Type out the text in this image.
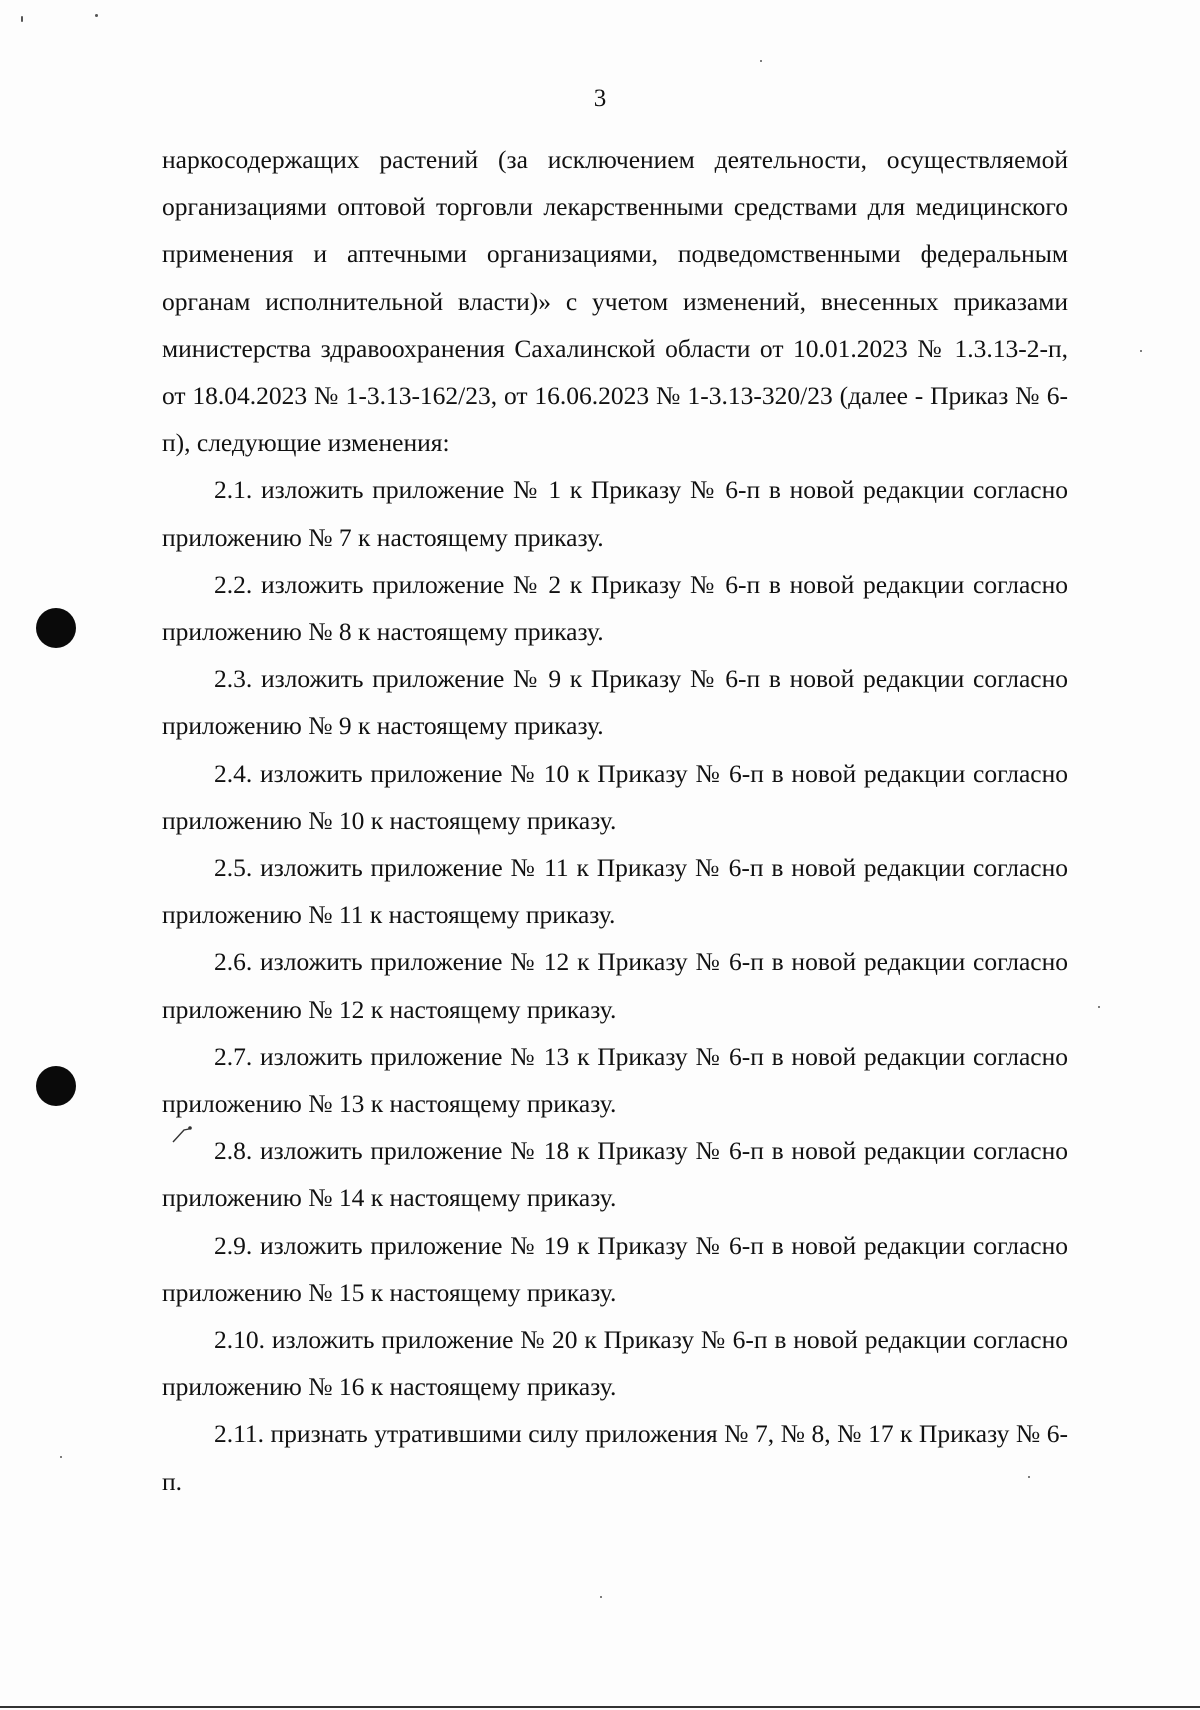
3

наркосодержащих растений (за исключением деятельности, осуществляемой организациями оптовой торговли лекарственными средствами для медицинского применения и аптечными организациями, подведомственными федеральным органам исполнительной власти)» с учетом изменений, внесенных приказами министерства здравоохранения Сахалинской области от 10.01.2023 № 1.3.13-2-п, от 18.04.2023 № 1-3.13-162/23, от 16.06.2023 № 1-3.13-320/23 (далее - Приказ № 6-п), следующие изменения:

2.1. изложить приложение № 1 к Приказу № 6-п в новой редакции согласно приложению № 7 к настоящему приказу.

2.2. изложить приложение № 2 к Приказу № 6-п в новой редакции согласно приложению № 8 к настоящему приказу.

2.3. изложить приложение № 9 к Приказу № 6-п в новой редакции согласно приложению № 9 к настоящему приказу.

2.4. изложить приложение № 10 к Приказу № 6-п в новой редакции согласно приложению № 10 к настоящему приказу.

2.5. изложить приложение № 11 к Приказу № 6-п в новой редакции согласно приложению № 11 к настоящему приказу.

2.6. изложить приложение № 12 к Приказу № 6-п в новой редакции согласно приложению № 12 к настоящему приказу.

2.7. изложить приложение № 13 к Приказу № 6-п в новой редакции согласно приложению № 13 к настоящему приказу.

2.8. изложить приложение № 18 к Приказу № 6-п в новой редакции согласно приложению № 14 к настоящему приказу.

2.9. изложить приложение № 19 к Приказу № 6-п в новой редакции согласно приложению № 15 к настоящему приказу.

2.10. изложить приложение № 20 к Приказу № 6-п в новой редакции согласно приложению № 16 к настоящему приказу.

2.11. признать утратившими силу приложения № 7, № 8, № 17 к Приказу № 6-п.
